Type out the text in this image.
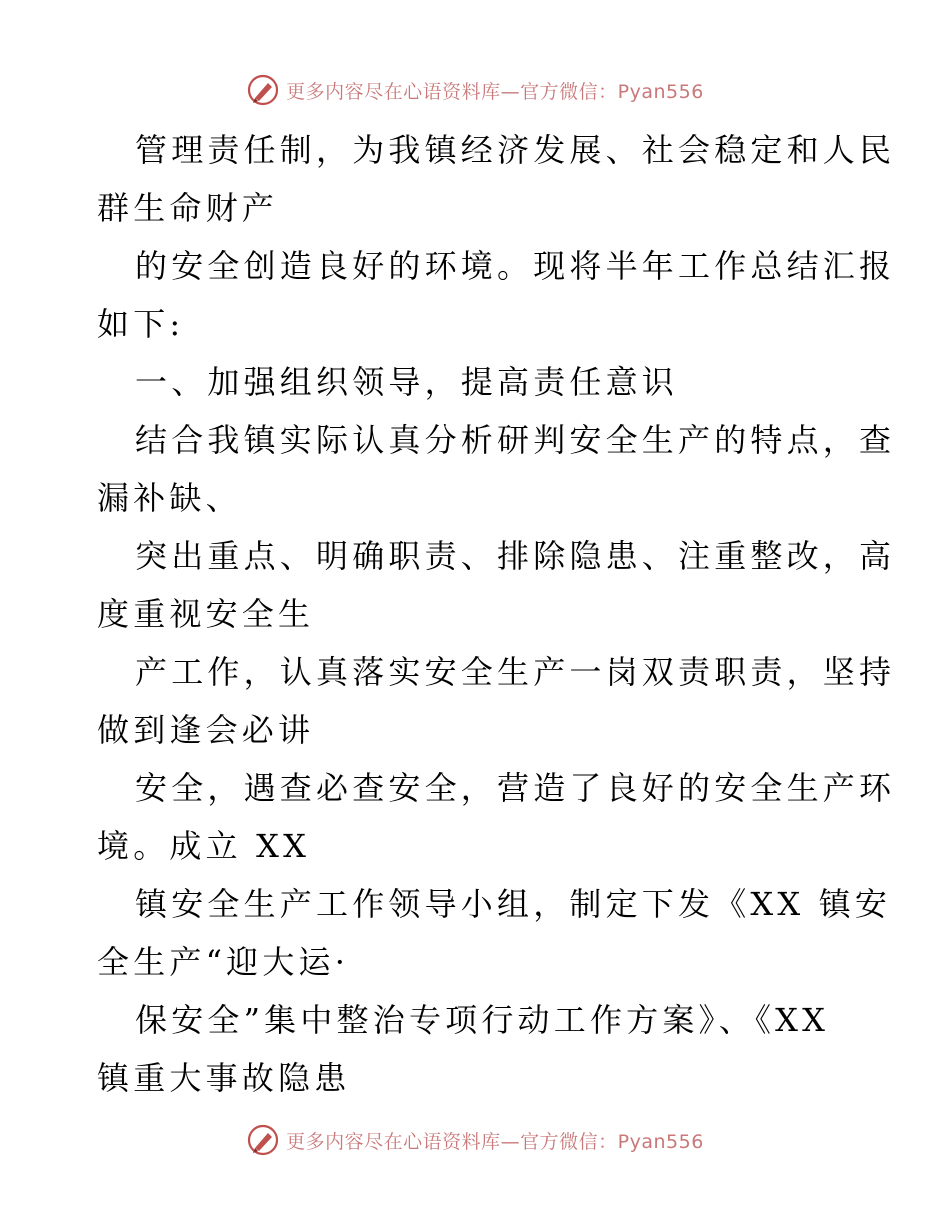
更多内容尽在心语资料库—官方微信：Pyan556

管理责任制，为我镇经济发展、社会稳定和人民
群生命财产

的安全创造良好的环境。现将半年工作总结汇报
如下:

一、加强组织领导，提高责任意识

结合我镇实际认真分析研判安全生产的特点，查
漏补缺、

突出重点、明确职责、排除隐患、注重整改，高
度重视安全生

产工作，认真落实安全生产一岗双责职责，坚持
做到逢会必讲

安全，遇查必查安全，营造了良好的安全生产环
境。成立 XX

镇安全生产工作领导小组，制定下发《XX 镇安
全生产“迎大运·

保安全”集中整治专项行动工作方案》、《XX
镇重大事故隐患

更多内容尽在心语资料库—官方微信：Pyan556
